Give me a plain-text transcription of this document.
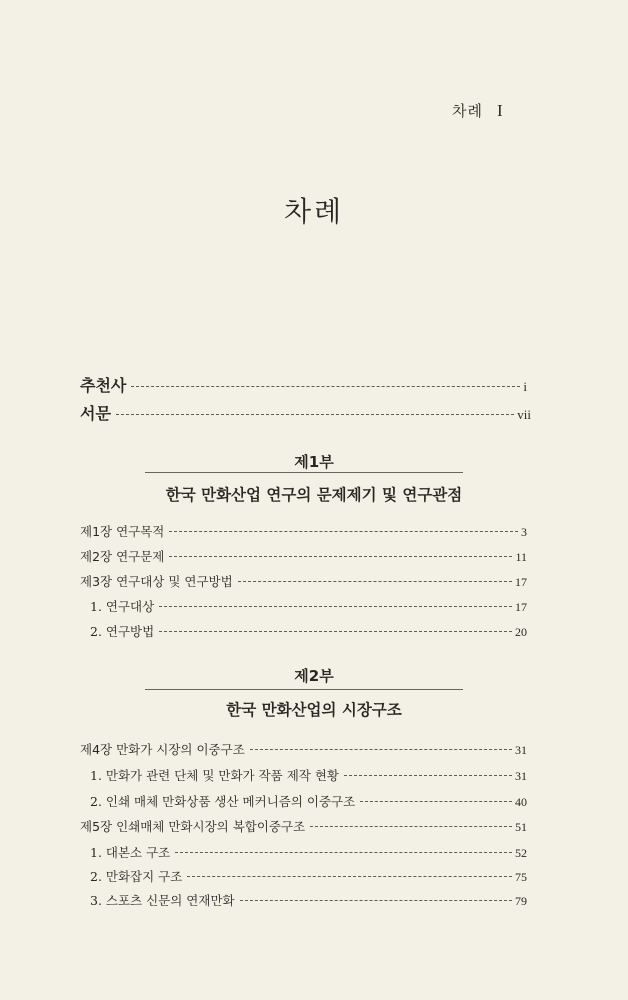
차례 I
차례
추천사	i
서문	vii
제1부
한국 만화산업 연구의 문제제기 및 연구관점
제1장 연구목적	3
제2장 연구문제	11
제3장 연구대상 및 연구방법	17
1. 연구대상	17
2. 연구방법	20
제2부
한국 만화산업의 시장구조
제4장 만화가 시장의 이중구조	31
1. 만화가 관련 단체 및 만화가 작품 제작 현황	31
2. 인쇄 매체 만화상품 생산 메커니즘의 이중구조	40
제5장 인쇄매체 만화시장의 복합이중구조	51
1. 대본소 구조	52
2. 만화잡지 구조	75
3. 스포츠 신문의 연재만화	79
